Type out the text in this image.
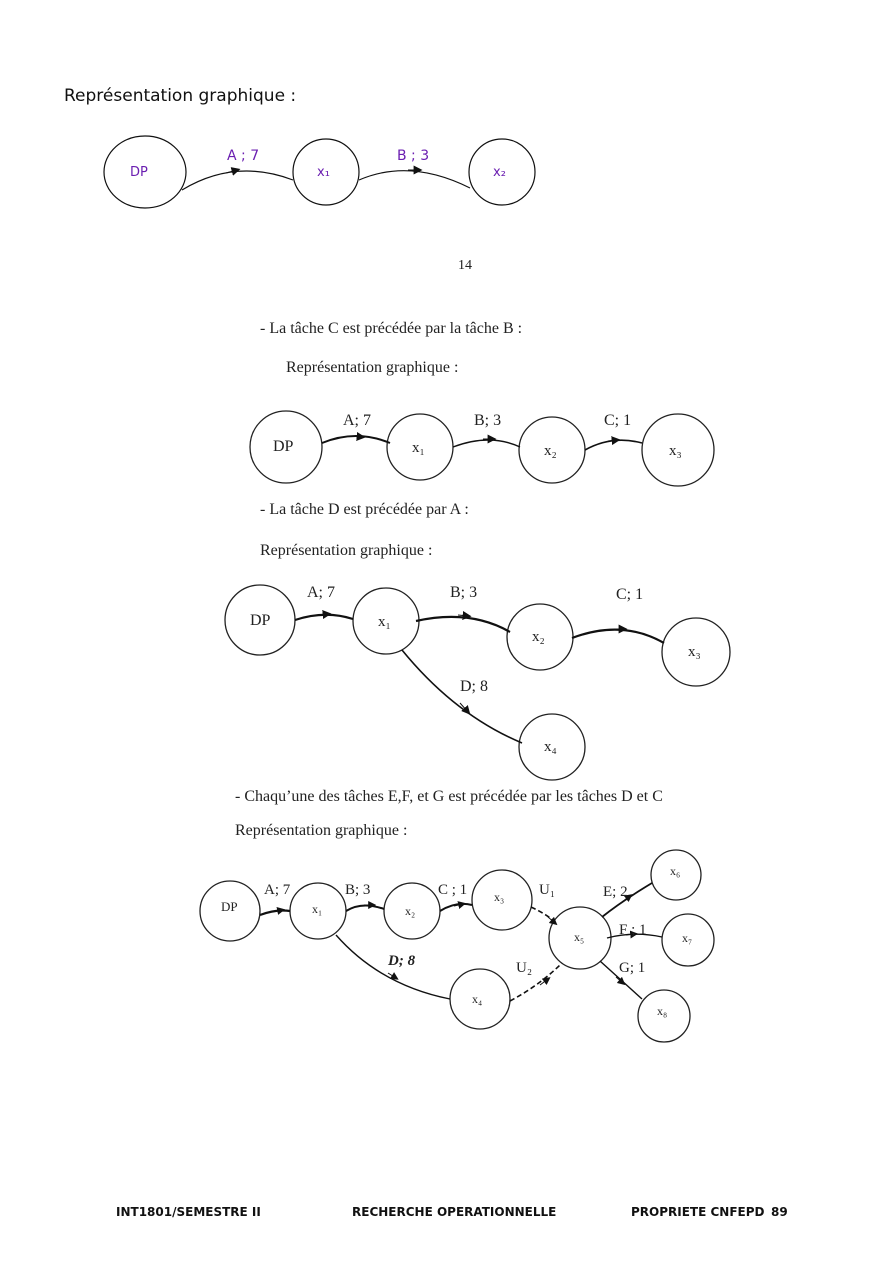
Représentation graphique :
DP	x₁	x₂
A ; 7	B ; 3
14
- La tâche C est précédée par la tâche B :
Représentation graphique :
DP	x₁	x₂	x₃
A; 7	B; 3	C; 1
- La tâche D est précédée par A :
Représentation graphique :
DP	x₁
x₂
x₃
x₄
A; 7	B; 3	C; 1
D; 8
- Chaqu’une des tâches E,F, et G est précédée par les tâches D et C
Représentation graphique :
DP	x₁	x₂
x₃
x₄
x₅
x₆
x₇
x₈
A; 7	B; 3	C ; 1	U₁
D; 8	U₂
E; 2
F ; 1
G; 1
INT1801/SEMESTRE II	RECHERCHE OPERATIONNELLE	PROPRIETE CNFEPD 89
